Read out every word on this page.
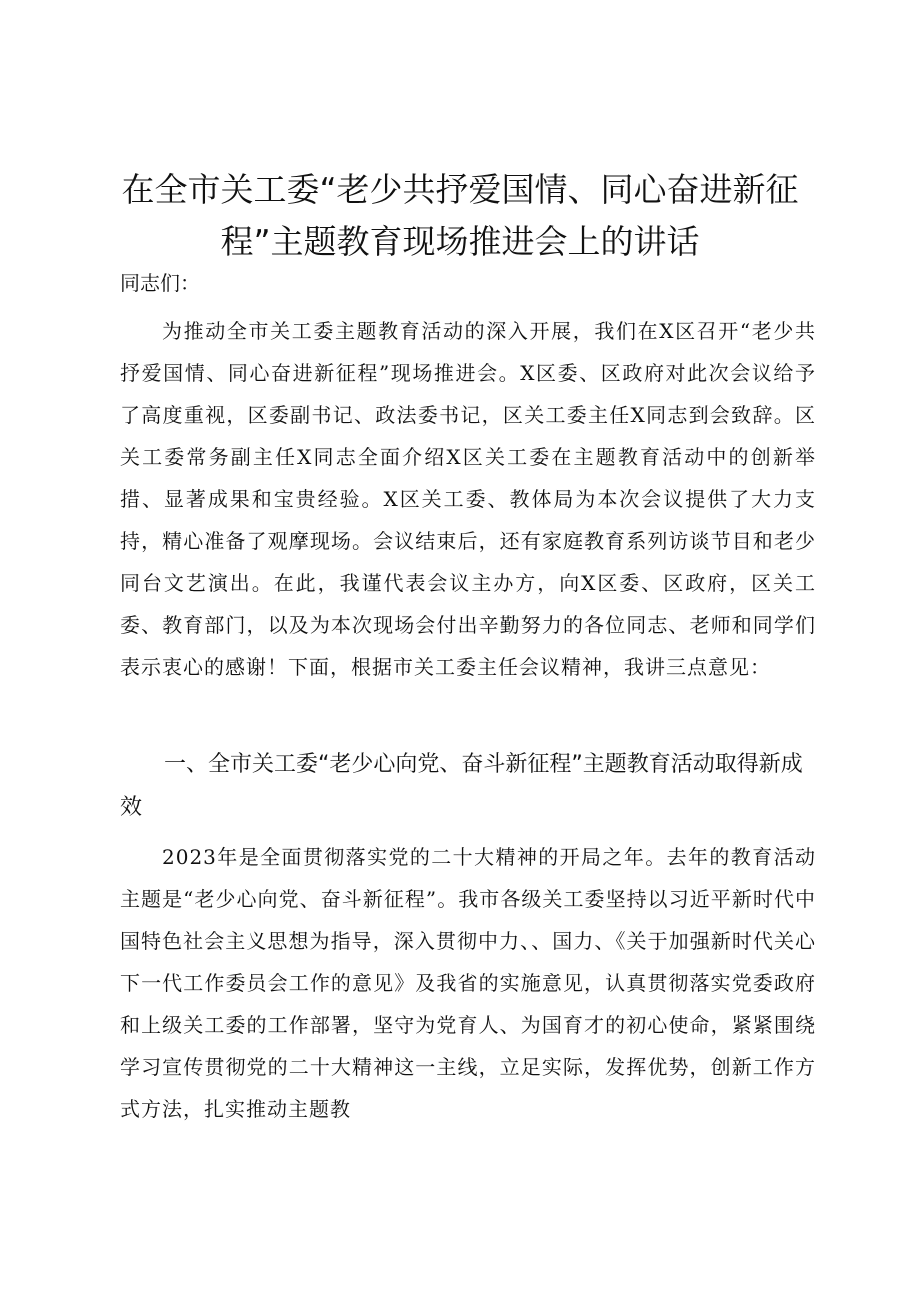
在全市关工委“老少共抒爱国情、同心奋进新征程”主题教育现场推进会上的讲话

同志们：

为推动全市关工委主题教育活动的深入开展，我们在X区召开“老少共抒爱国情、同心奋进新征程”现场推进会。X区委、区政府对此次会议给予了高度重视，区委副书记、政法委书记，区关工委主任X同志到会致辞。区关工委常务副主任X同志全面介绍X区关工委在主题教育活动中的创新举措、显著成果和宝贵经验。X区关工委、教体局为本次会议提供了大力支持，精心准备了观摩现场。会议结束后，还有家庭教育系列访谈节目和老少同台文艺演出。在此，我谨代表会议主办方，向X区委、区政府，区关工委、教育部门，以及为本次现场会付出辛勤努力的各位同志、老师和同学们表示衷心的感谢！下面，根据市关工委主任会议精神，我讲三点意见：

一、全市关工委“老少心向党、奋斗新征程”主题教育活动取得新成效

2023年是全面贯彻落实党的二十大精神的开局之年。去年的教育活动主题是“老少心向党、奋斗新征程”。我市各级关工委坚持以习近平新时代中国特色社会主义思想为指导，深入贯彻中力、、国力、《关于加强新时代关心下一代工作委员会工作的意见》及我省的实施意见，认真贯彻落实党委政府和上级关工委的工作部署，坚守为党育人、为国育才的初心使命，紧紧围绕学习宣传贯彻党的二十大精神这一主线，立足实际，发挥优势，创新工作方式方法，扎实推动主题教
